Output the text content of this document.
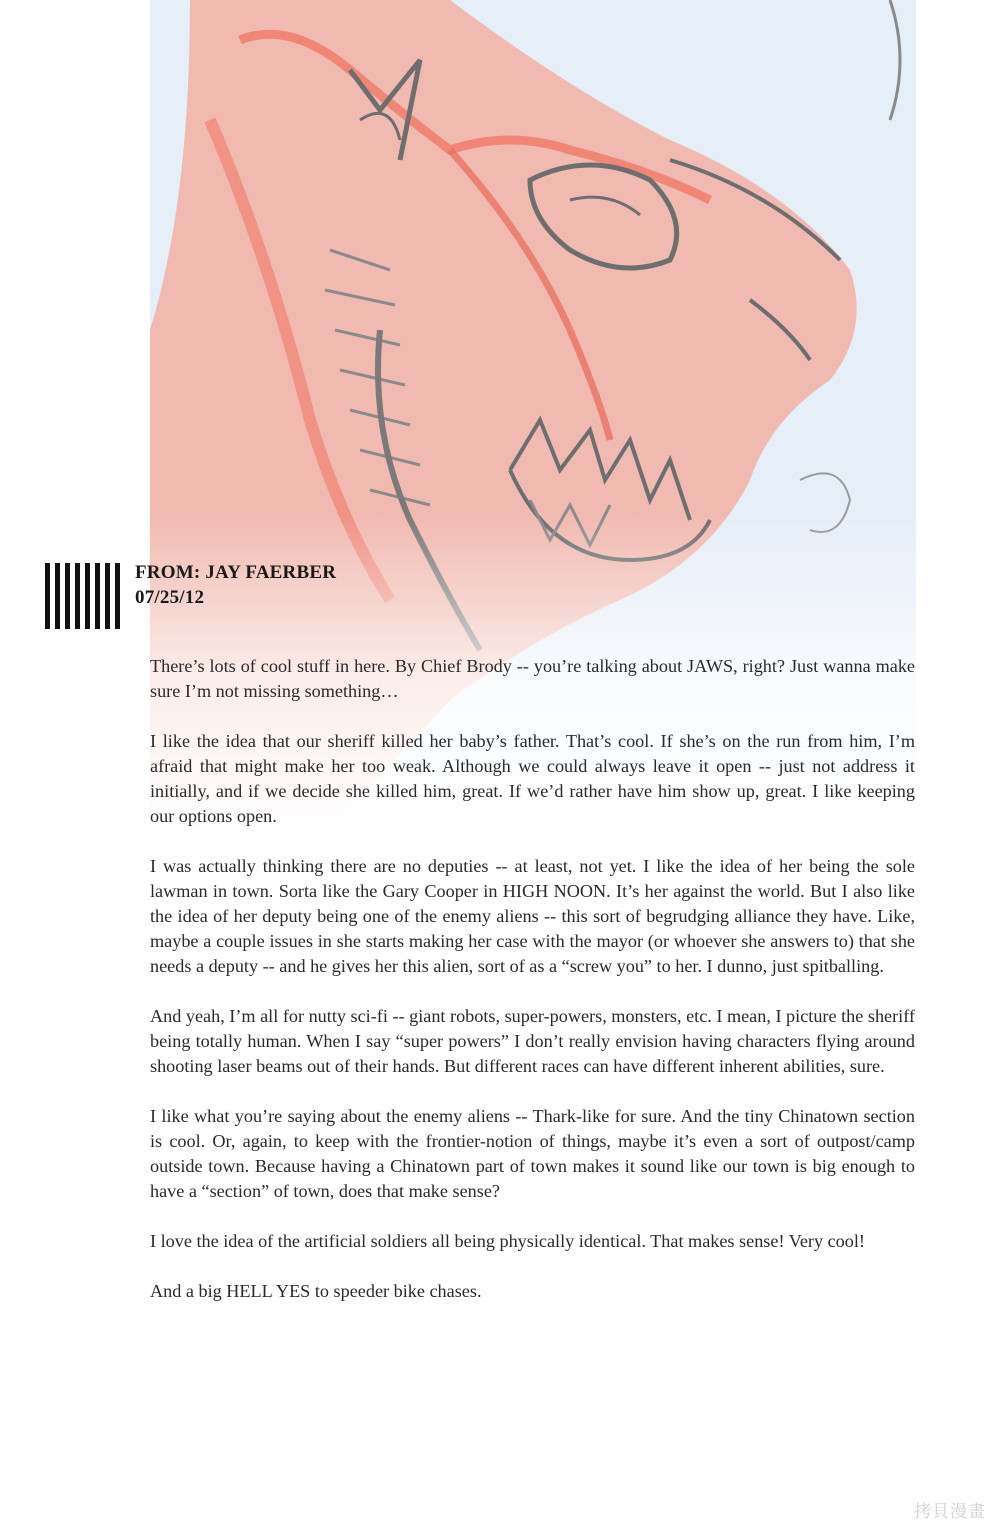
FROM: JAY FAERBER
07/25/12

There’s lots of cool stuff in here. By Chief Brody -- you’re talking about JAWS, right? Just wanna make sure I’m not missing something…

I like the idea that our sheriff killed her baby’s father. That’s cool. If she’s on the run from him, I’m afraid that might make her too weak. Although we could always leave it open -- just not address it initially, and if we decide she killed him, great. If we’d rather have him show up, great. I like keeping our options open.

I was actually thinking there are no deputies -- at least, not yet. I like the idea of her being the sole lawman in town. Sorta like the Gary Cooper in HIGH NOON. It’s her against the world. But I also like the idea of her deputy being one of the enemy aliens -- this sort of begrudging alliance they have. Like, maybe a couple issues in she starts making her case with the mayor (or whoever she answers to) that she needs a deputy -- and he gives her this alien, sort of as a “screw you” to her. I dunno, just spitballing.

And yeah, I’m all for nutty sci-fi -- giant robots, super-powers, monsters, etc. I mean, I picture the sheriff being totally human. When I say “super powers” I don’t really envision having characters flying around shooting laser beams out of their hands. But different races can have different inherent abilities, sure.

I like what you’re saying about the enemy aliens -- Thark-like for sure. And the tiny Chinatown section is cool. Or, again, to keep with the frontier-notion of things, maybe it’s even a sort of outpost/camp outside town. Because having a Chinatown part of town makes it sound like our town is big enough to have a “section” of town, does that make sense?

I love the idea of the artificial soldiers all being physically identical. That makes sense! Very cool!

And a big HELL YES to speeder bike chases.

拷貝漫畫
